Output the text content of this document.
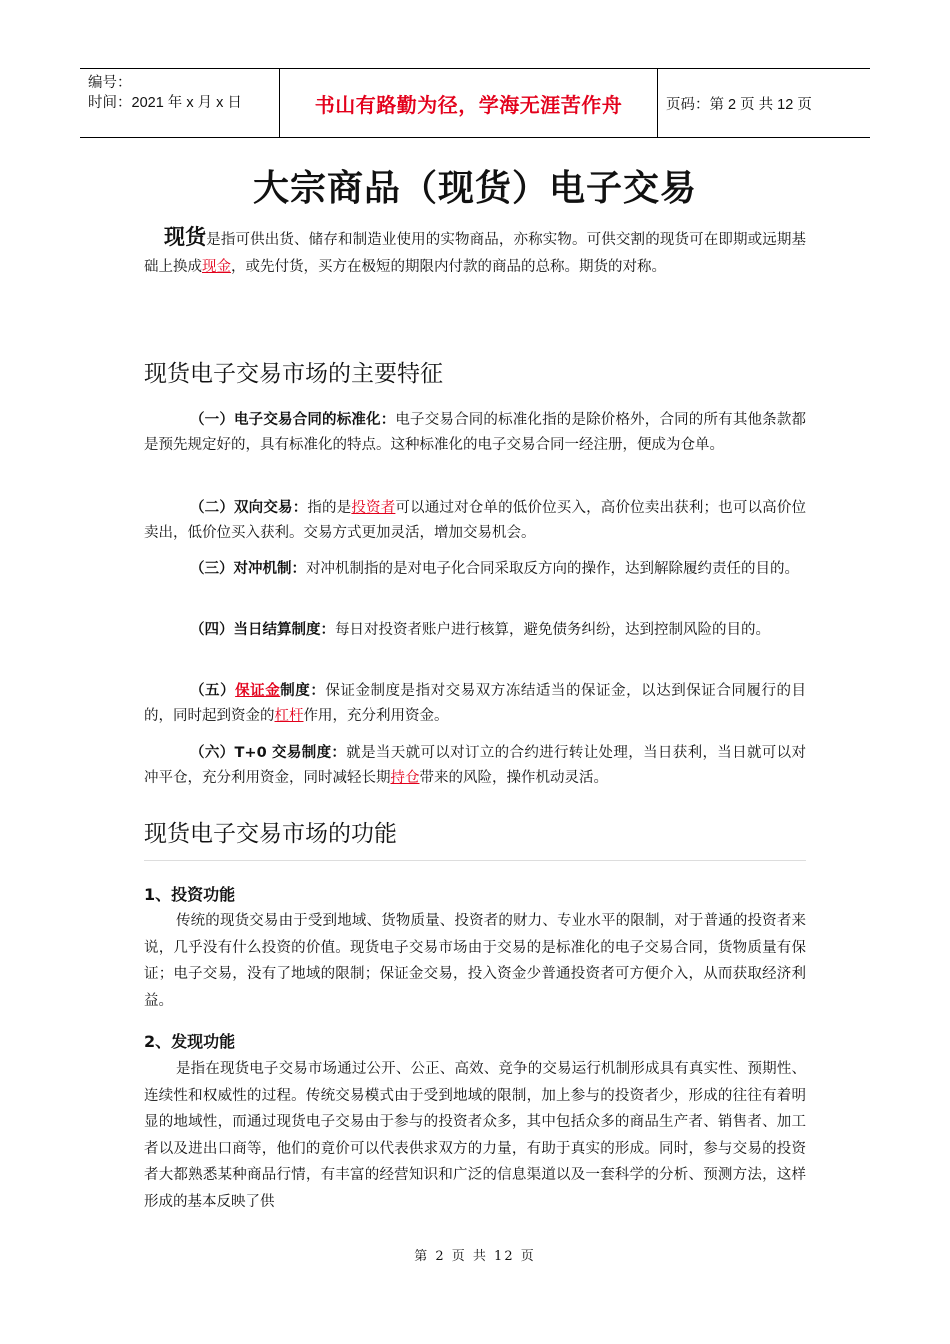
编号：
时间：2021 年 x 月 x 日	书山有路勤为径，学海无涯苦作舟	页码：第 2 页 共 12 页
大宗商品（现货）电子交易
现货是指可供出货、储存和制造业使用的实物商品，亦称实物。可供交割的现货可在即期或远期基础上换成现金，或先付货，买方在极短的期限内付款的商品的总称。期货的对称。
现货电子交易市场的主要特征
（一）电子交易合同的标准化：电子交易合同的标准化指的是除价格外，合同的所有其他条款都是预先规定好的，具有标准化的特点。这种标准化的电子交易合同一经注册，便成为仓单。
（二）双向交易：指的是投资者可以通过对仓单的低价位买入，高价位卖出获利；也可以高价位卖出，低价位买入获利。交易方式更加灵活，增加交易机会。
（三）对冲机制：对冲机制指的是对电子化合同采取反方向的操作，达到解除履约责任的目的。
（四）当日结算制度：每日对投资者账户进行核算，避免债务纠纷，达到控制风险的目的。
（五）保证金制度：保证金制度是指对交易双方冻结适当的保证金，以达到保证合同履行的目的，同时起到资金的杠杆作用，充分利用资金。
（六）T+0 交易制度：就是当天就可以对订立的合约进行转让处理，当日获利，当日就可以对冲平仓，充分利用资金，同时减轻长期持仓带来的风险，操作机动灵活。
现货电子交易市场的功能
1、投资功能
传统的现货交易由于受到地域、货物质量、投资者的财力、专业水平的限制，对于普通的投资者来说，几乎没有什么投资的价值。现货电子交易市场由于交易的是标准化的电子交易合同，货物质量有保证；电子交易，没有了地域的限制；保证金交易，投入资金少普通投资者可方便介入，从而获取经济利益。
2、发现功能
是指在现货电子交易市场通过公开、公正、高效、竞争的交易运行机制形成具有真实性、预期性、连续性和权威性的过程。传统交易模式由于受到地域的限制，加上参与的投资者少，形成的往往有着明显的地域性，而通过现货电子交易由于参与的投资者众多，其中包括众多的商品生产者、销售者、加工者以及进出口商等，他们的竟价可以代表供求双方的力量，有助于真实的形成。同时，参与交易的投资者大都熟悉某种商品行情，有丰富的经营知识和广泛的信息渠道以及一套科学的分析、预测方法，这样形成的基本反映了供
第 2 页 共 12 页
